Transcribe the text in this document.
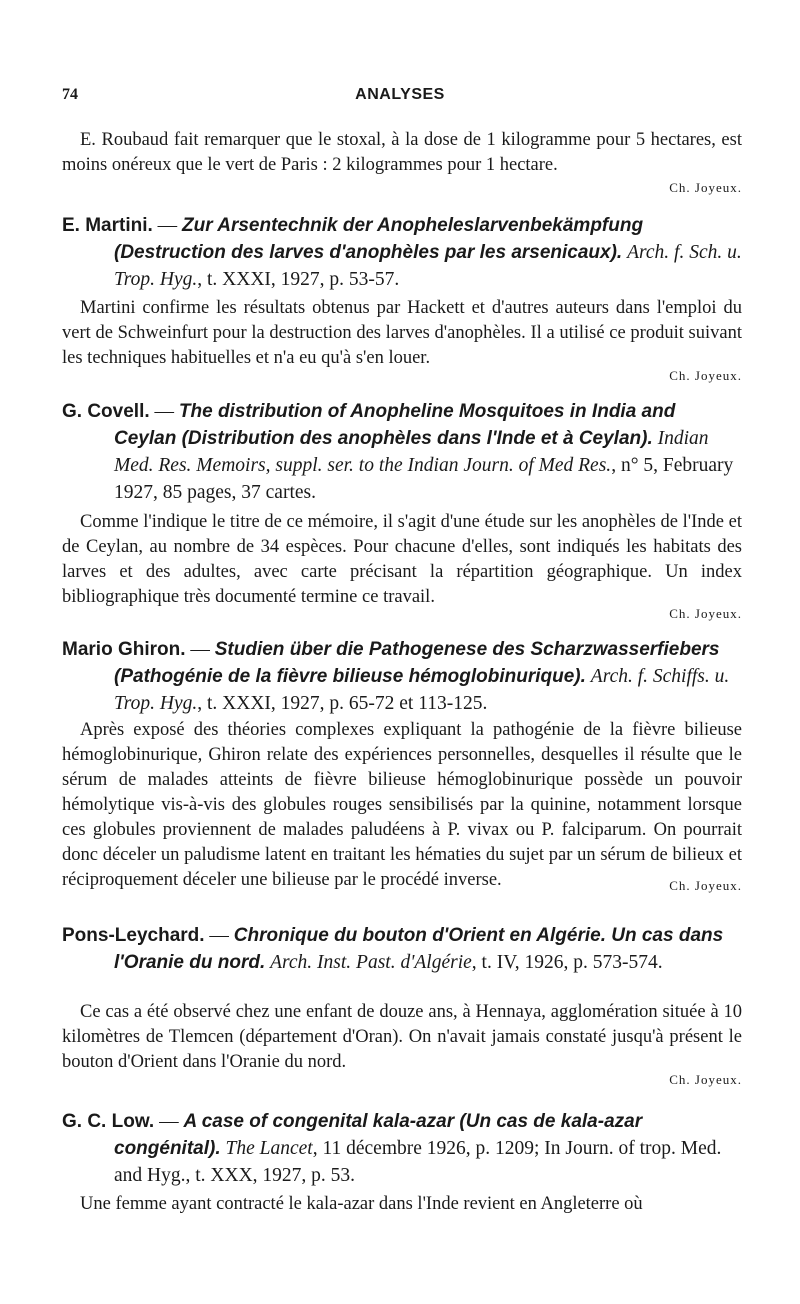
74	ANALYSES

E. Roubaud fait remarquer que le stoxal, à la dose de 1 kilogramme pour 5 hectares, est moins onéreux que le vert de Paris : 2 kilogrammes pour 1 hectare.

Ch. Joyeux.

E. Martini. — Zur Arsentechnik der Anopheleslarvenbekämpfung (Destruction des larves d'anophèles par les arsenicaux). Arch. f. Sch. u. Trop. Hyg., t. XXXI, 1927, p. 53-57.

Martini confirme les résultats obtenus par Hackett et d'autres auteurs dans l'emploi du vert de Schweinfurt pour la destruction des larves d'anophèles. Il a utilisé ce produit suivant les techniques habituelles et n'a eu qu'à s'en louer.

Ch. Joyeux.

G. Covell. — The distribution of Anopheline Mosquitoes in India and Ceylan (Distribution des anophèles dans l'Inde et à Ceylan). Indian Med. Res. Memoirs, suppl. ser. to the Indian Journ. of Med Res., n° 5, February 1927, 85 pages, 37 cartes.

Comme l'indique le titre de ce mémoire, il s'agit d'une étude sur les anophèles de l'Inde et de Ceylan, au nombre de 34 espèces. Pour chacune d'elles, sont indiqués les habitats des larves et des adultes, avec carte précisant la répartition géographique. Un index bibliographique très documenté termine ce travail.

Ch. Joyeux.

Mario Ghiron. — Studien über die Pathogenese des Scharzwasserfiebers (Pathogénie de la fièvre bilieuse hémoglobinurique). Arch. f. Schiffs. u. Trop. Hyg., t. XXXI, 1927, p. 65-72 et 113-125.

Après exposé des théories complexes expliquant la pathogénie de la fièvre bilieuse hémoglobinurique, Ghiron relate des expériences personnelles, desquelles il résulte que le sérum de malades atteints de fièvre bilieuse hémoglobinurique possède un pouvoir hémolytique vis-à-vis des globules rouges sensibilisés par la quinine, notamment lorsque ces globules proviennent de malades paludéens à P. vivax ou P. falciparum. On pourrait donc déceler un paludisme latent en traitant les hématies du sujet par un sérum de bilieux et réciproquement déceler une bilieuse par le procédé inverse.	Ch. Joyeux.

Pons-Leychard. — Chronique du bouton d'Orient en Algérie. Un cas dans l'Oranie du nord. Arch. Inst. Past. d'Algérie, t. IV, 1926, p. 573-574.

Ce cas a été observé chez une enfant de douze ans, à Hennaya, agglomération située à 10 kilomètres de Tlemcen (département d'Oran). On n'avait jamais constaté jusqu'à présent le bouton d'Orient dans l'Oranie du nord.

Ch. Joyeux.

G. C. Low. — A case of congenital kala-azar (Un cas de kala-azar congénital). The Lancet, 11 décembre 1926, p. 1209; In Journ. of trop. Med. and Hyg., t. XXX, 1927, p. 53.

Une femme ayant contracté le kala-azar dans l'Inde revient en Angleterre où
